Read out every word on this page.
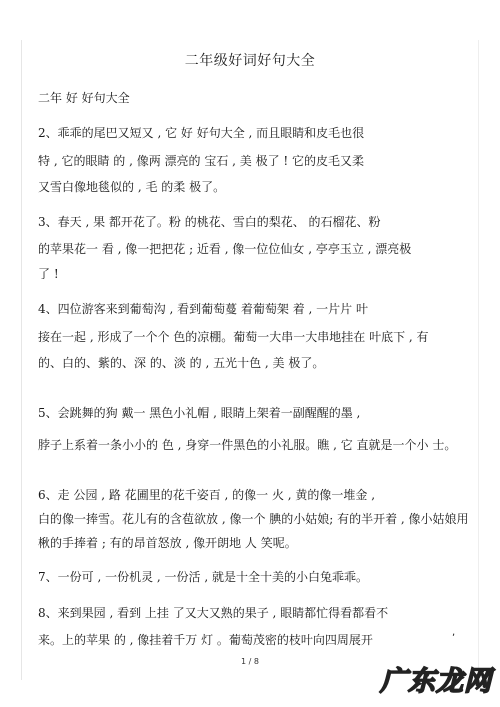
二年级好词好句大全
二年 好 好句大全
2、乖乖的尾巴又短又 , 它 好 好句大全 , 而且眼睛和皮毛也很
特 , 它的眼睛 的 , 像两 漂亮的 宝石 , 美 极了 ! 它的皮毛又柔
又雪白像地毯似的 , 毛 的柔 极了。
3、春天 , 果 都开花了。粉 的桃花、雪白的梨花、 的石榴花、粉
的苹果花一 看 , 像一把把花 ; 近看 , 像一位位仙女 , 亭亭玉立 , 漂亮极
了 !
4、四位游客来到葡萄沟 , 看到葡萄蔓 着葡萄架 着 , 一片片 叶
接在一起 , 形成了一个个 色的凉棚。葡萄一大串一大串地挂在 叶底下 , 有
的、白的、紫的、深 的、淡 的 , 五光十色 , 美 极了。
5、会跳舞的狗 戴一 黑色小礼帽 , 眼睛上架着一副醒醒的墨 ,
脖子上系着一条小小的 色 , 身穿一件黑色的小礼服。瞧 , 它 直就是一个小 士。
6、走 公园 , 路 花圃里的花千姿百 , 的像一 火 , 黄的像一堆金 ,
白的像一捧雪。花儿有的含苞欲放 , 像一个 腆的小姑娘; 有的半开着 , 像小姑娘用
楸的手捧着 ; 有的昂首怒放 , 像开朗地 人 笑呢。
7、一份可 , 一份机灵 , 一份活 , 就是十全十美的小白兔乖乖。
8、来到果园 , 看到 上挂 了又大又熟的果子 , 眼睛都忙得看都看不
来。上的苹果 的 , 像挂着千万 灯 。葡萄茂密的枝叶向四周展开
,
1 / 8
广东龙网
